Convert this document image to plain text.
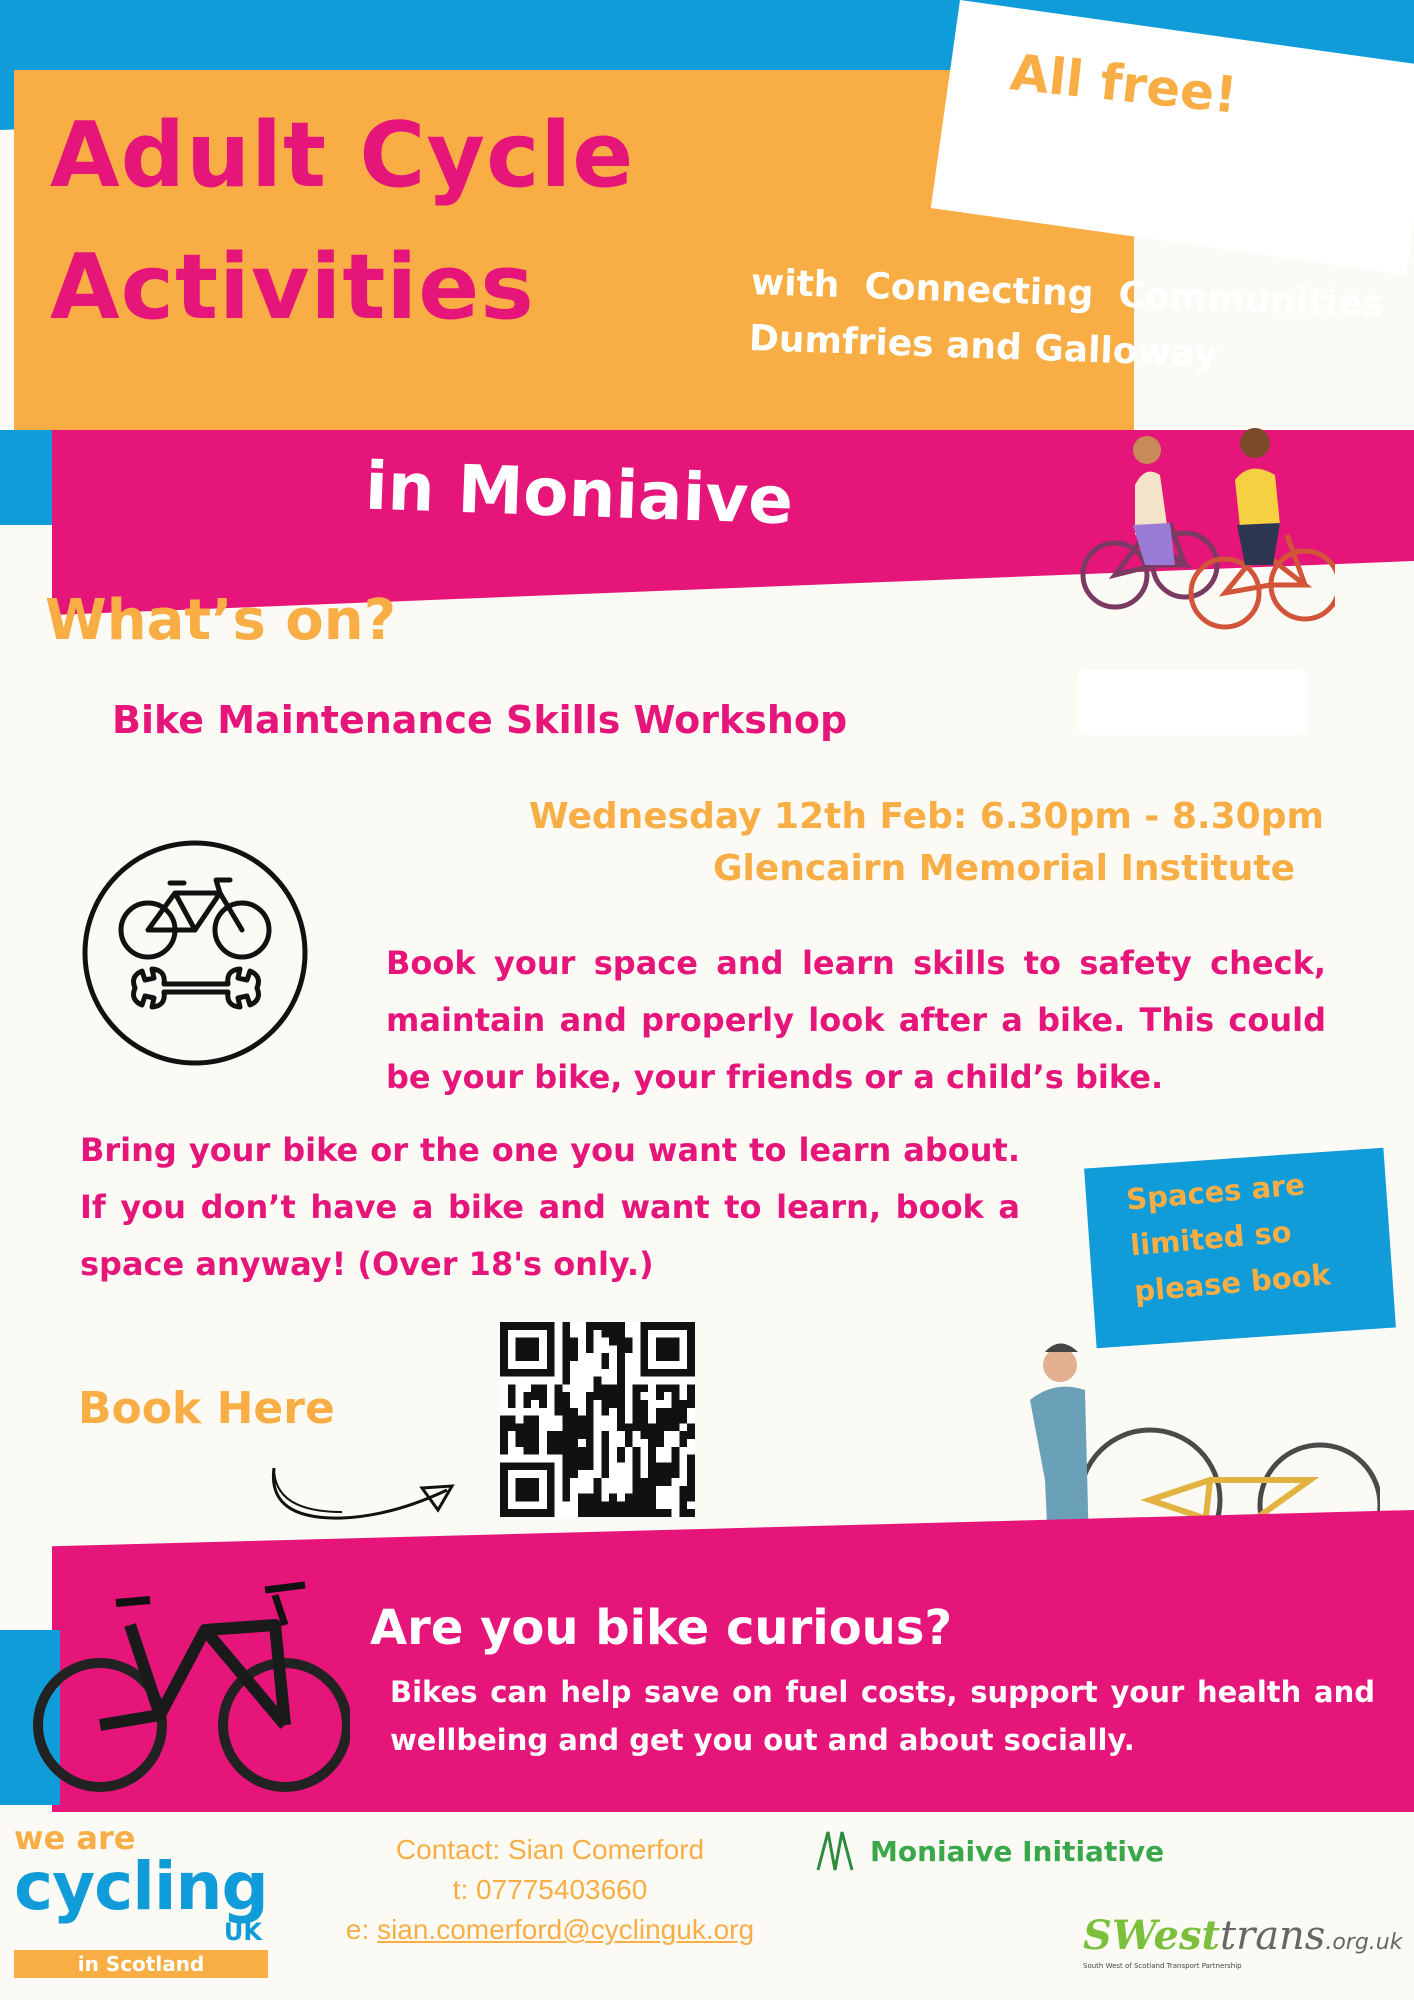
Adult Cycle
Activities
All free!
with  Connecting  Communities
Dumfries and Galloway
in Moniaive
What’s on?
Bike Maintenance Skills Workshop
Wednesday 12th Feb: 6.30pm - 8.30pm
Glencairn Memorial Institute
Book your space and learn skills to safety check, maintain and properly look after a bike. This could be your bike, your friends or a child’s bike.
Bring your bike or the one you want to learn about. If you don’t have a bike and want to learn, book a space anyway! (Over 18's only.)
Spaces are
limited so
please book
Book Here
Are you bike curious?
Bikes can help save on fuel costs, support your health and wellbeing and get you out and about socially.
we are
cycling
UK
in Scotland
Contact: Sian Comerford
t: 07775403660
e: sian.comerford@cyclinguk.org
Moniaive Initiative
SWesttrans.org.uk
South West of Scotland Transport Partnership
